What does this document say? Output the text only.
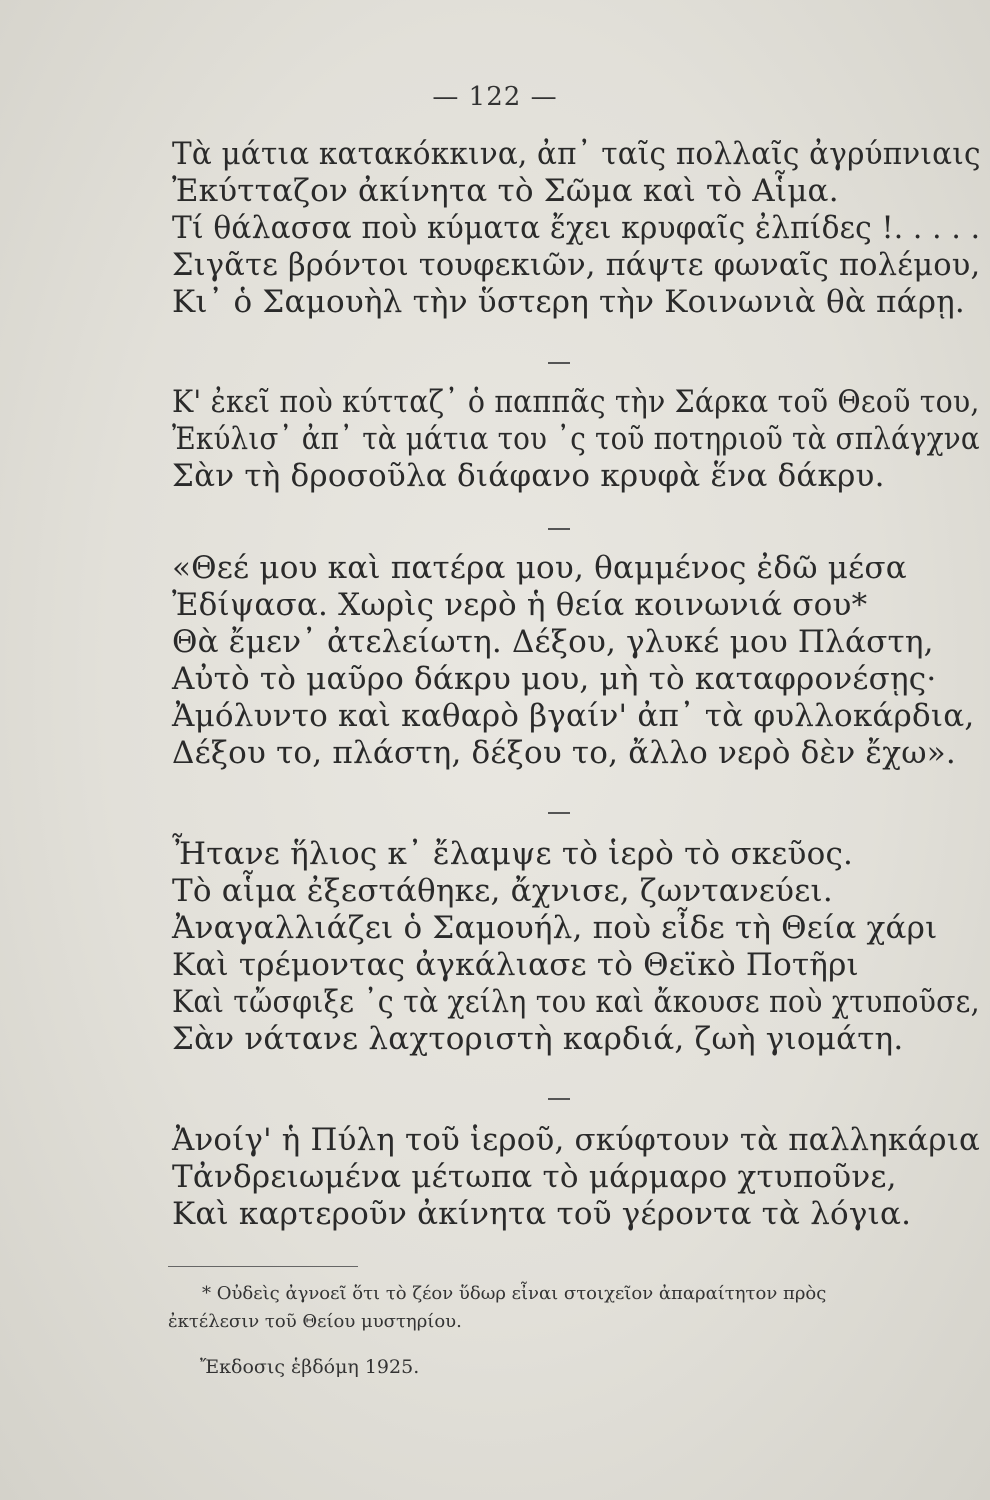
— 122 —
Τὰ μάτια κατακόκκινα, ἀπ᾿ ταῖς πολλαῖς ἀγρύπνιαις
Ἐκύτταζον ἀκίνητα τὸ Σῶμα καὶ τὸ Αἷμα.
Τί θάλασσα ποὺ κύματα ἔχει κρυφαῖς ἐλπίδες !. . . . .
Σιγᾶτε βρόντοι τουφεκιῶν, πάψτε φωναῖς πολέμου,
Κι᾿ ὁ Σαμουὴλ τὴν ὕστερη τὴν Κοινωνιὰ θὰ πάρῃ.
Κ' ἐκεῖ ποὺ κύτταζ᾿ ὁ παππᾶς τὴν Σάρκα τοῦ Θεοῦ του,
Ἐκύλισ᾿ ἀπ᾿ τὰ μάτια του ᾿ς τοῦ ποτηριοῦ τὰ σπλάγχνα
Σὰν τὴ δροσοῦλα διάφανο κρυφὰ ἕνα δάκρυ.
«Θεέ μου καὶ πατέρα μου, θαμμένος ἐδῶ μέσα
Ἐδίψασα. Χωρὶς νερὸ ἡ θεία κοινωνιά σου*
Θὰ ἔμεν᾿ ἀτελείωτη. Δέξου, γλυκέ μου Πλάστη,
Αὐτὸ τὸ μαῦρο δάκρυ μου, μὴ τὸ καταφρονέσῃς·
Ἀμόλυντο καὶ καθαρὸ βγαίν' ἀπ᾿ τὰ φυλλοκάρδια,
Δέξου το, πλάστη, δέξου το, ἄλλο νερὸ δὲν ἔχω».
Ἦτανε ἥλιος κ᾿ ἔλαμψε τὸ ἱερὸ τὸ σκεῦος.
Τὸ αἷμα ἐξεστάθηκε, ἄχνισε, ζωντανεύει.
Ἀναγαλλιάζει ὁ Σαμουήλ, ποὺ εἶδε τὴ Θεία χάρι
Καὶ τρέμοντας ἀγκάλιασε τὸ Θεϊκὸ Ποτῆρι
Καὶ τὤσφιξε ᾿ς τὰ χείλη του καὶ ἄκουσε ποὺ χτυποῦσε,
Σὰν νάτανε λαχτοριστὴ καρδιά, ζωὴ γιομάτη.
Ἀνοίγ' ἡ Πύλη τοῦ ἱεροῦ, σκύφτουν τὰ παλληκάρια
Τἀνδρειωμένα μέτωπα τὸ μάρμαρο χτυποῦνε,
Καὶ καρτεροῦν ἀκίνητα τοῦ γέροντα τὰ λόγια.
* Οὐδεὶς ἀγνοεῖ ὅτι τὸ ζέον ὕδωρ εἶναι στοιχεῖον ἀπαραίτητον πρὸς
ἐκτέλεσιν τοῦ Θείου μυστηρίου.
Ἔκδοσις ἑβδόμη 1925.
